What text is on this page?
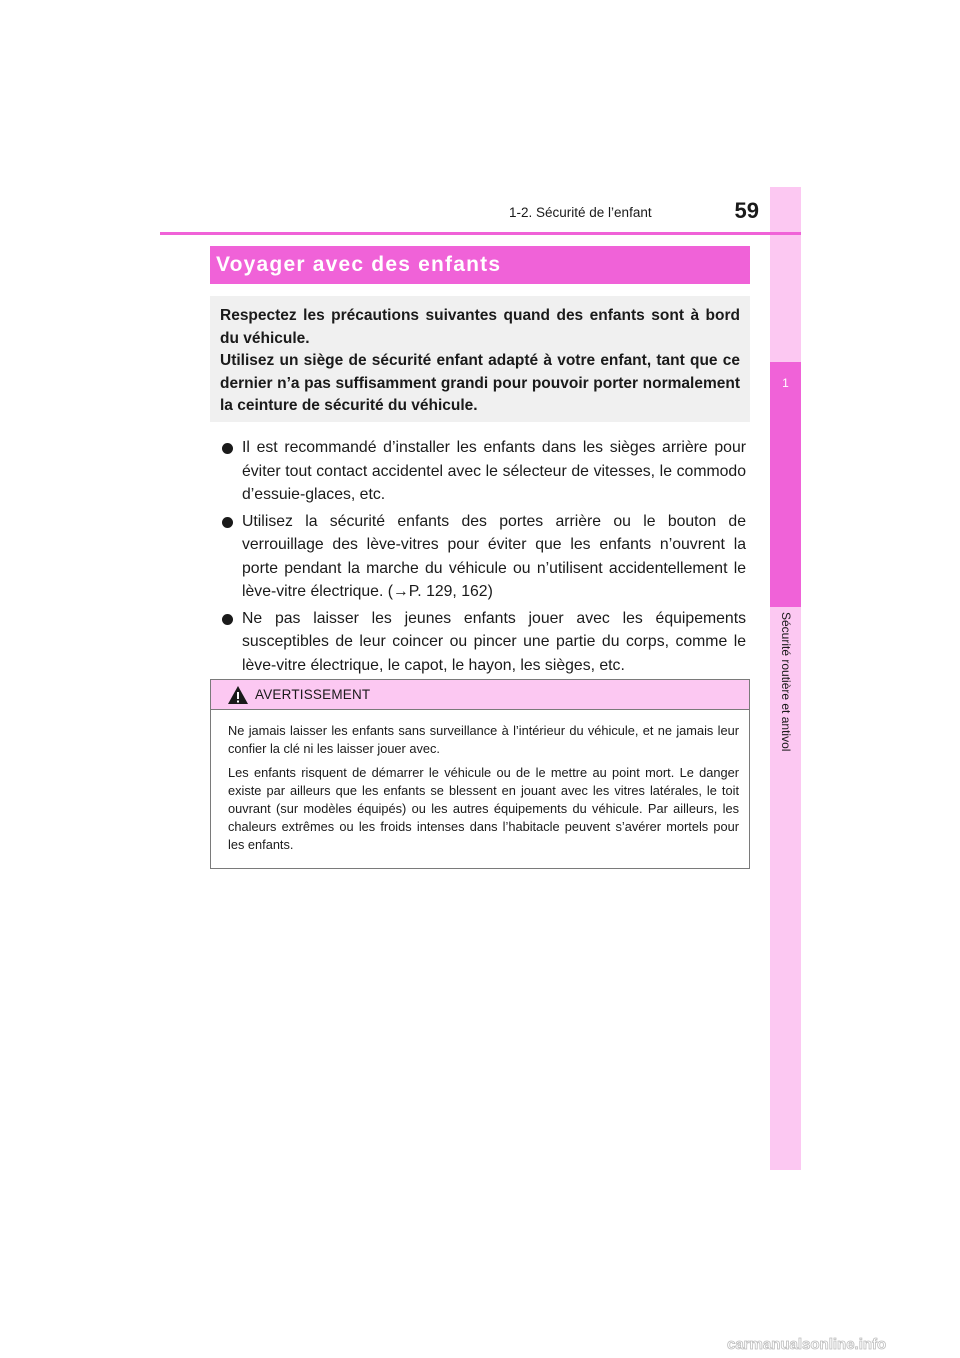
1
Sécurité routière et antivol
1-2. Sécurité de l’enfant	59
Voyager avec des enfants

Respectez les précautions suivantes quand des enfants sont à bord du véhicule.

Utilisez un siège de sécurité enfant adapté à votre enfant, tant que ce dernier n’a pas suffisamment grandi pour pouvoir porter normalement la ceinture de sécurité du véhicule.

Il est recommandé d’installer les enfants dans les sièges arrière pour éviter tout contact accidentel avec le sélecteur de vitesses, le commodo d’essuie-glaces, etc.
Utilisez la sécurité enfants des portes arrière ou le bouton de verrouillage des lève-vitres pour éviter que les enfants n’ouvrent la porte pendant la marche du véhicule ou n’utilisent accidentellement le lève-vitre électrique. (→P. 129, 162)
Ne pas laisser les jeunes enfants jouer avec les équipements susceptibles de leur coincer ou pincer une partie du corps, comme le lève-vitre électrique, le capot, le hayon, les sièges, etc.
AVERTISSEMENT

Ne jamais laisser les enfants sans surveillance à l’intérieur du véhicule, et ne jamais leur confier la clé ni les laisser jouer avec.

Les enfants risquent de démarrer le véhicule ou de le mettre au point mort. Le danger existe par ailleurs que les enfants se blessent en jouant avec les vitres latérales, le toit ouvrant (sur modèles équipés) ou les autres équipements du véhicule. Par ailleurs, les chaleurs extrêmes ou les froids intenses dans l’habitacle peuvent s’avérer mortels pour les enfants.

carmanualsonline.info
